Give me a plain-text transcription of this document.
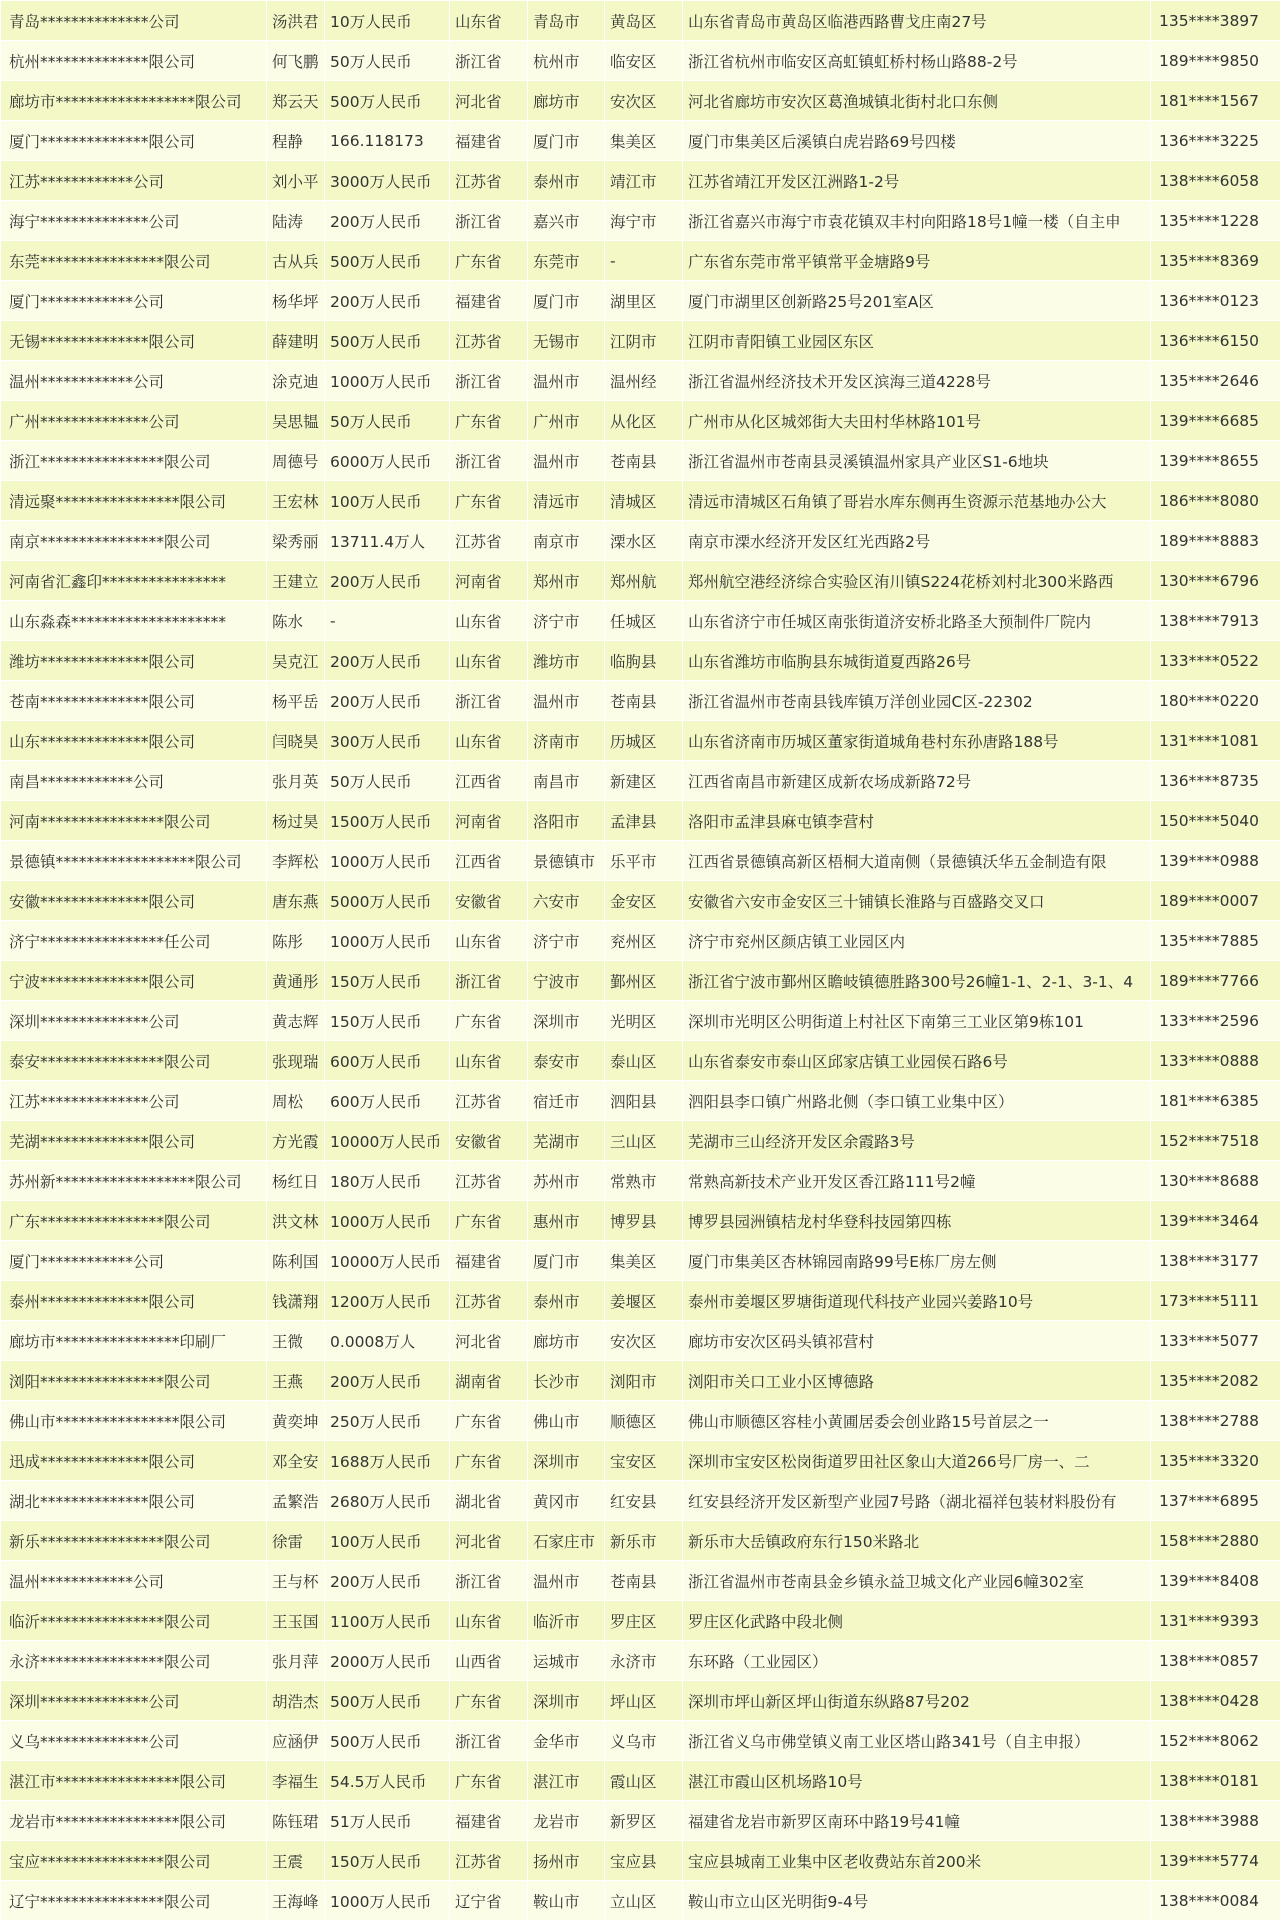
青岛**************公司	汤洪君	10万人民币	山东省	青岛市	黄岛区	山东省青岛市黄岛区临港西路曹戈庄南27号	135****3897
杭州**************限公司	何飞鹏	50万人民币	浙江省	杭州市	临安区	浙江省杭州市临安区高虹镇虹桥村杨山路88-2号	189****9850
廊坊市******************限公司	郑云天	500万人民币	河北省	廊坊市	安次区	河北省廊坊市安次区葛渔城镇北街村北口东侧	181****1567
厦门**************限公司	程静	166.118173	福建省	厦门市	集美区	厦门市集美区后溪镇白虎岩路69号四楼	136****3225
江苏************公司	刘小平	3000万人民币	江苏省	泰州市	靖江市	江苏省靖江开发区江洲路1-2号	138****6058
海宁**************公司	陆涛	200万人民币	浙江省	嘉兴市	海宁市	浙江省嘉兴市海宁市袁花镇双丰村向阳路18号1幢一楼（自主申	135****1228
东莞****************限公司	古从兵	500万人民币	广东省	东莞市	-	广东省东莞市常平镇常平金塘路9号	135****8369
厦门************公司	杨华坪	200万人民币	福建省	厦门市	湖里区	厦门市湖里区创新路25号201室A区	136****0123
无锡**************限公司	薛建明	500万人民币	江苏省	无锡市	江阴市	江阴市青阳镇工业园区东区	136****6150
温州************公司	涂克迪	1000万人民币	浙江省	温州市	温州经	浙江省温州经济技术开发区滨海三道4228号	135****2646
广州**************公司	吴思韫	50万人民币	广东省	广州市	从化区	广州市从化区城郊街大夫田村华林路101号	139****6685
浙江****************限公司	周德号	6000万人民币	浙江省	温州市	苍南县	浙江省温州市苍南县灵溪镇温州家具产业区S1-6地块	139****8655
清远聚****************限公司	王宏林	100万人民币	广东省	清远市	清城区	清远市清城区石角镇了哥岩水库东侧再生资源示范基地办公大	186****8080
南京****************限公司	梁秀丽	13711.4万人	江苏省	南京市	溧水区	南京市溧水经济开发区红光西路2号	189****8883
河南省汇鑫印****************	王建立	200万人民币	河南省	郑州市	郑州航	郑州航空港经济综合实验区洧川镇S224花桥刘村北300米路西	130****6796
山东淼森********************	陈水	-	山东省	济宁市	任城区	山东省济宁市任城区南张街道济安桥北路圣大预制件厂院内	138****7913
潍坊**************限公司	吴克江	200万人民币	山东省	潍坊市	临朐县	山东省潍坊市临朐县东城街道夏西路26号	133****0522
苍南**************限公司	杨平岳	200万人民币	浙江省	温州市	苍南县	浙江省温州市苍南县钱库镇万洋创业园C区-22302	180****0220
山东**************限公司	闫晓昊	300万人民币	山东省	济南市	历城区	山东省济南市历城区董家街道城角巷村东孙唐路188号	131****1081
南昌************公司	张月英	50万人民币	江西省	南昌市	新建区	江西省南昌市新建区成新农场成新路72号	136****8735
河南****************限公司	杨过昊	1500万人民币	河南省	洛阳市	孟津县	洛阳市孟津县麻屯镇李营村	150****5040
景德镇******************限公司	李辉松	1000万人民币	江西省	景德镇市	乐平市	江西省景德镇高新区梧桐大道南侧（景德镇沃华五金制造有限	139****0988
安徽**************限公司	唐东燕	5000万人民币	安徽省	六安市	金安区	安徽省六安市金安区三十铺镇长淮路与百盛路交叉口	189****0007
济宁****************任公司	陈彤	1000万人民币	山东省	济宁市	兖州区	济宁市兖州区颜店镇工业园区内	135****7885
宁波**************限公司	黄通彤	150万人民币	浙江省	宁波市	鄞州区	浙江省宁波市鄞州区瞻岐镇德胜路300号26幢1-1、2-1、3-1、4	189****7766
深圳**************公司	黄志辉	150万人民币	广东省	深圳市	光明区	深圳市光明区公明街道上村社区下南第三工业区第9栋101	133****2596
泰安****************限公司	张现瑞	600万人民币	山东省	泰安市	泰山区	山东省泰安市泰山区邱家店镇工业园侯石路6号	133****0888
江苏**************公司	周松	600万人民币	江苏省	宿迁市	泗阳县	泗阳县李口镇广州路北侧（李口镇工业集中区）	181****6385
芜湖**************限公司	方光霞	10000万人民币	安徽省	芜湖市	三山区	芜湖市三山经济开发区余霞路3号	152****7518
苏州新******************限公司	杨红日	180万人民币	江苏省	苏州市	常熟市	常熟高新技术产业开发区香江路111号2幢	130****8688
广东****************限公司	洪文林	1000万人民币	广东省	惠州市	博罗县	博罗县园洲镇桔龙村华登科技园第四栋	139****3464
厦门************公司	陈利国	10000万人民币	福建省	厦门市	集美区	厦门市集美区杏林锦园南路99号E栋厂房左侧	138****3177
泰州**************限公司	钱潇翔	1200万人民币	江苏省	泰州市	姜堰区	泰州市姜堰区罗塘街道现代科技产业园兴姜路10号	173****5111
廊坊市****************印刷厂	王微	0.0008万人	河北省	廊坊市	安次区	廊坊市安次区码头镇祁营村	133****5077
浏阳****************限公司	王燕	200万人民币	湖南省	长沙市	浏阳市	浏阳市关口工业小区博德路	135****2082
佛山市****************限公司	黄奕坤	250万人民币	广东省	佛山市	顺德区	佛山市顺德区容桂小黄圃居委会创业路15号首层之一	138****2788
迅成**************限公司	邓全安	1688万人民币	广东省	深圳市	宝安区	深圳市宝安区松岗街道罗田社区象山大道266号厂房一、二	135****3320
湖北**************限公司	孟繁浩	2680万人民币	湖北省	黄冈市	红安县	红安县经济开发区新型产业园7号路（湖北福祥包装材料股份有	137****6895
新乐****************限公司	徐雷	100万人民币	河北省	石家庄市	新乐市	新乐市大岳镇政府东行150米路北	158****2880
温州************公司	王与杯	200万人民币	浙江省	温州市	苍南县	浙江省温州市苍南县金乡镇永益卫城文化产业园6幢302室	139****8408
临沂****************限公司	王玉国	1100万人民币	山东省	临沂市	罗庄区	罗庄区化武路中段北侧	131****9393
永济****************限公司	张月萍	2000万人民币	山西省	运城市	永济市	东环路（工业园区）	138****0857
深圳**************公司	胡浩杰	500万人民币	广东省	深圳市	坪山区	深圳市坪山新区坪山街道东纵路87号202	138****0428
义乌**************公司	应涵伊	500万人民币	浙江省	金华市	义乌市	浙江省义乌市佛堂镇义南工业区塔山路341号（自主申报）	152****8062
湛江市****************限公司	李福生	54.5万人民币	广东省	湛江市	霞山区	湛江市霞山区机场路10号	138****0181
龙岩市****************限公司	陈钰珺	51万人民币	福建省	龙岩市	新罗区	福建省龙岩市新罗区南环中路19号41幢	138****3988
宝应****************限公司	王震	150万人民币	江苏省	扬州市	宝应县	宝应县城南工业集中区老收费站东首200米	139****5774
辽宁****************限公司	王海峰	1000万人民币	辽宁省	鞍山市	立山区	鞍山市立山区光明街9-4号	138****0084
